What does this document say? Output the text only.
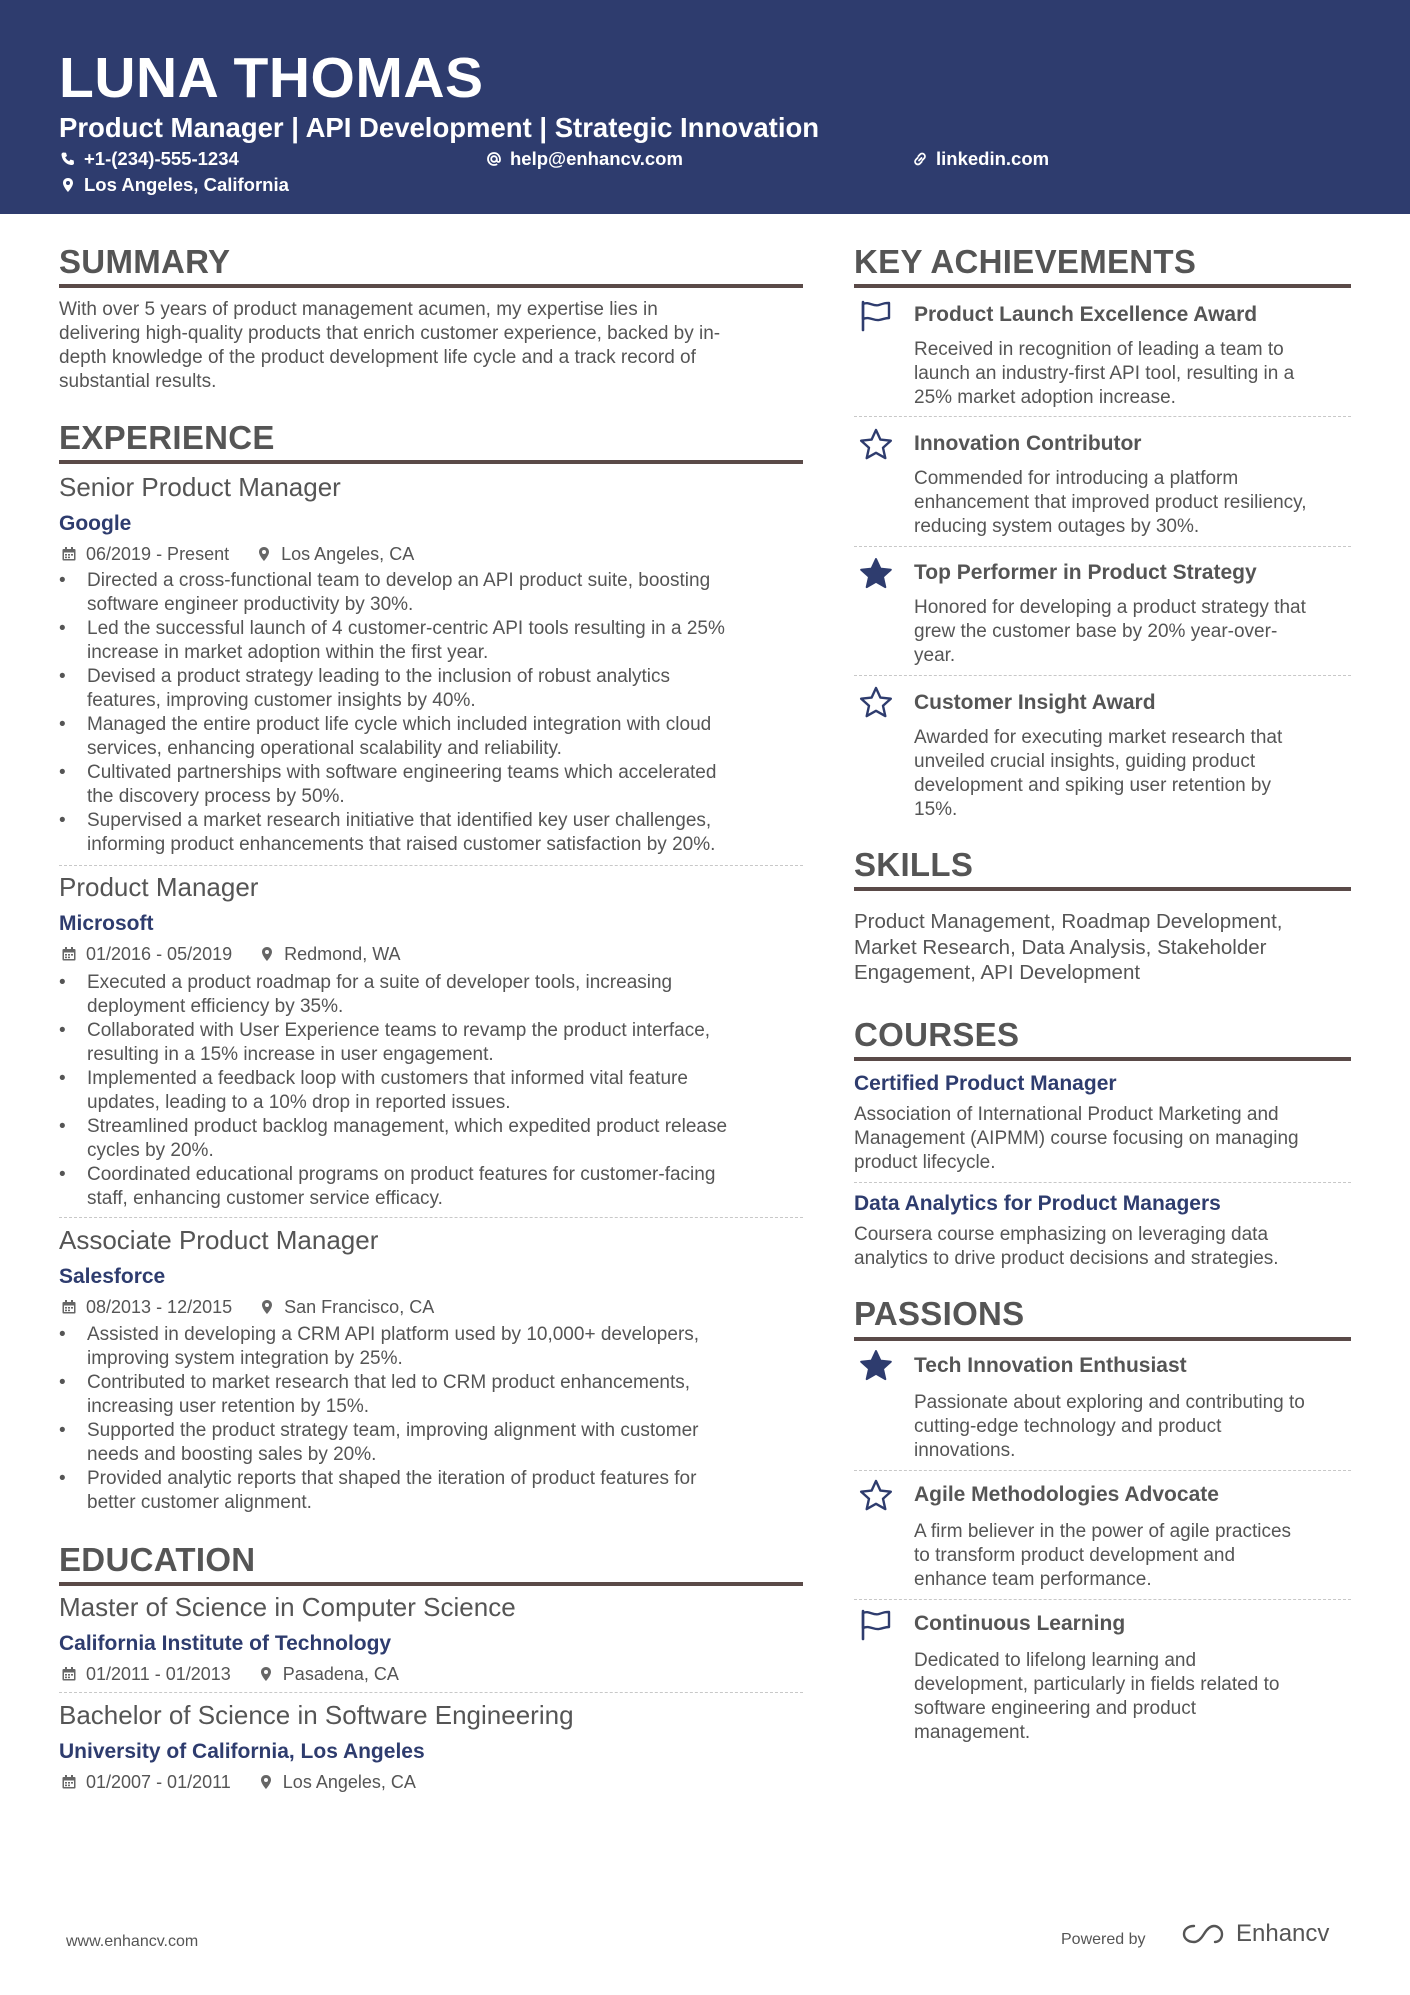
LUNA THOMAS
Product Manager | API Development | Strategic Innovation
+1-(234)-555-1234	help@enhancv.com	linkedin.com
Los Angeles, California
SUMMARY
With over 5 years of product management acumen, my expertise lies in
delivering high-quality products that enrich customer experience, backed by in-
depth knowledge of the product development life cycle and a track record of
substantial results.
EXPERIENCE
Senior Product Manager
Google
06/2019 - Present	Los Angeles, CA
• Directed a cross-functional team to develop an API product suite, boosting
software engineer productivity by 30%.
• Led the successful launch of 4 customer-centric API tools resulting in a 25%
increase in market adoption within the first year.
• Devised a product strategy leading to the inclusion of robust analytics
features, improving customer insights by 40%.
• Managed the entire product life cycle which included integration with cloud
services, enhancing operational scalability and reliability.
• Cultivated partnerships with software engineering teams which accelerated
the discovery process by 50%.
• Supervised a market research initiative that identified key user challenges,
informing product enhancements that raised customer satisfaction by 20%.
Product Manager
Microsoft
01/2016 - 05/2019	Redmond, WA
• Executed a product roadmap for a suite of developer tools, increasing
deployment efficiency by 35%.
• Collaborated with User Experience teams to revamp the product interface,
resulting in a 15% increase in user engagement.
• Implemented a feedback loop with customers that informed vital feature
updates, leading to a 10% drop in reported issues.
• Streamlined product backlog management, which expedited product release
cycles by 20%.
• Coordinated educational programs on product features for customer-facing
staff, enhancing customer service efficacy.
Associate Product Manager
Salesforce
08/2013 - 12/2015	San Francisco, CA
• Assisted in developing a CRM API platform used by 10,000+ developers,
improving system integration by 25%.
• Contributed to market research that led to CRM product enhancements,
increasing user retention by 15%.
• Supported the product strategy team, improving alignment with customer
needs and boosting sales by 20%.
• Provided analytic reports that shaped the iteration of product features for
better customer alignment.
EDUCATION
Master of Science in Computer Science
California Institute of Technology
01/2011 - 01/2013	Pasadena, CA
Bachelor of Science in Software Engineering
University of California, Los Angeles
01/2007 - 01/2011	Los Angeles, CA
KEY ACHIEVEMENTS
Product Launch Excellence Award
Received in recognition of leading a team to
launch an industry-first API tool, resulting in a
25% market adoption increase.
Innovation Contributor
Commended for introducing a platform
enhancement that improved product resiliency,
reducing system outages by 30%.
Top Performer in Product Strategy
Honored for developing a product strategy that
grew the customer base by 20% year-over-
year.
Customer Insight Award
Awarded for executing market research that
unveiled crucial insights, guiding product
development and spiking user retention by
15%.
SKILLS
Product Management, Roadmap Development,
Market Research, Data Analysis, Stakeholder
Engagement, API Development
COURSES
Certified Product Manager
Association of International Product Marketing and
Management (AIPMM) course focusing on managing
product lifecycle.
Data Analytics for Product Managers
Coursera course emphasizing on leveraging data
analytics to drive product decisions and strategies.
PASSIONS
Tech Innovation Enthusiast
Passionate about exploring and contributing to
cutting-edge technology and product
innovations.
Agile Methodologies Advocate
A firm believer in the power of agile practices
to transform product development and
enhance team performance.
Continuous Learning
Dedicated to lifelong learning and
development, particularly in fields related to
software engineering and product
management.
www.enhancv.com	Powered by	Enhancv
